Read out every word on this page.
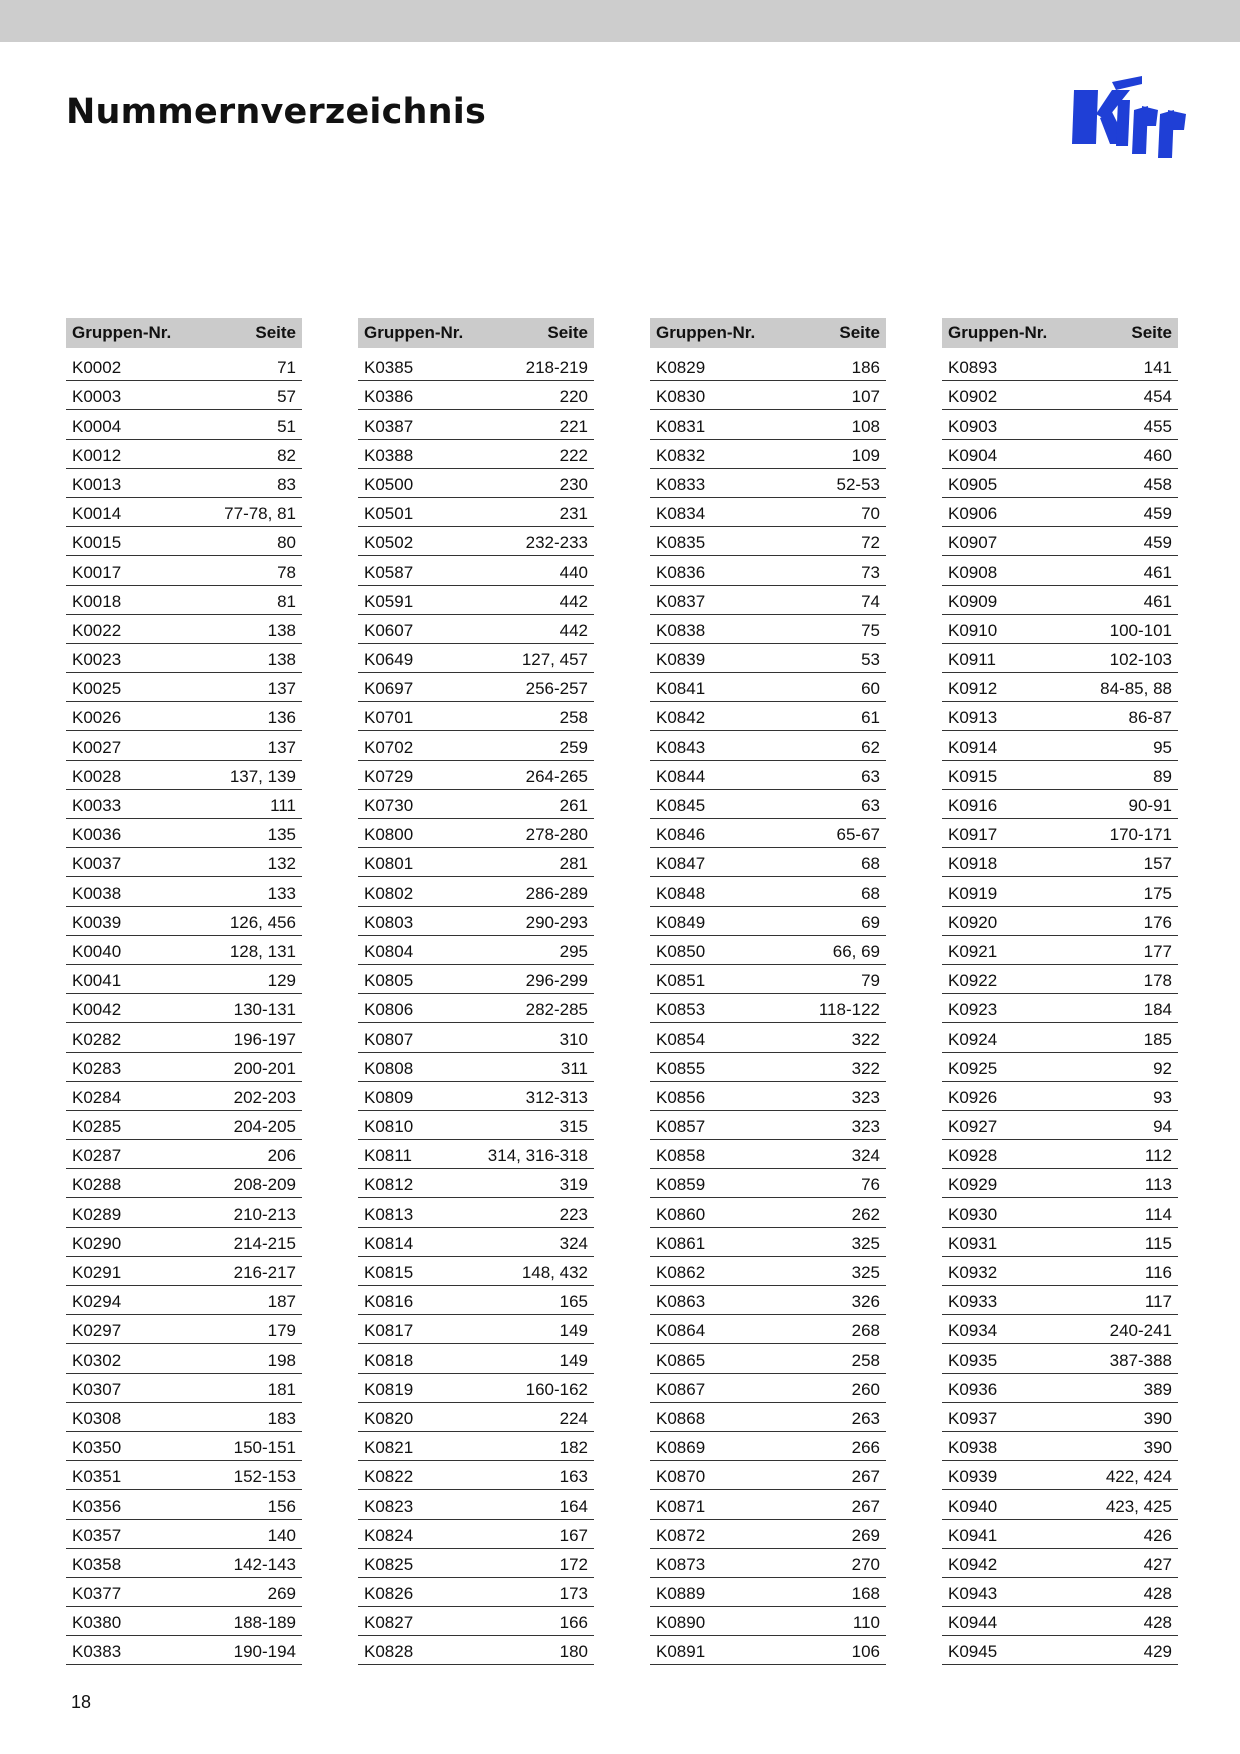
Nummernverzeichnis
Gruppen-Nr.	Seite
K0002	71
K0003	57
K0004	51
K0012	82
K0013	83
K0014	77-78, 81
K0015	80
K0017	78
K0018	81
K0022	138
K0023	138
K0025	137
K0026	136
K0027	137
K0028	137, 139
K0033	111
K0036	135
K0037	132
K0038	133
K0039	126, 456
K0040	128, 131
K0041	129
K0042	130-131
K0282	196-197
K0283	200-201
K0284	202-203
K0285	204-205
K0287	206
K0288	208-209
K0289	210-213
K0290	214-215
K0291	216-217
K0294	187
K0297	179
K0302	198
K0307	181
K0308	183
K0350	150-151
K0351	152-153
K0356	156
K0357	140
K0358	142-143
K0377	269
K0380	188-189
K0383	190-194
Gruppen-Nr.	Seite
K0385	218-219
K0386	220
K0387	221
K0388	222
K0500	230
K0501	231
K0502	232-233
K0587	440
K0591	442
K0607	442
K0649	127, 457
K0697	256-257
K0701	258
K0702	259
K0729	264-265
K0730	261
K0800	278-280
K0801	281
K0802	286-289
K0803	290-293
K0804	295
K0805	296-299
K0806	282-285
K0807	310
K0808	311
K0809	312-313
K0810	315
K0811	314, 316-318
K0812	319
K0813	223
K0814	324
K0815	148, 432
K0816	165
K0817	149
K0818	149
K0819	160-162
K0820	224
K0821	182
K0822	163
K0823	164
K0824	167
K0825	172
K0826	173
K0827	166
K0828	180
Gruppen-Nr.	Seite
K0829	186
K0830	107
K0831	108
K0832	109
K0833	52-53
K0834	70
K0835	72
K0836	73
K0837	74
K0838	75
K0839	53
K0841	60
K0842	61
K0843	62
K0844	63
K0845	63
K0846	65-67
K0847	68
K0848	68
K0849	69
K0850	66, 69
K0851	79
K0853	118-122
K0854	322
K0855	322
K0856	323
K0857	323
K0858	324
K0859	76
K0860	262
K0861	325
K0862	325
K0863	326
K0864	268
K0865	258
K0867	260
K0868	263
K0869	266
K0870	267
K0871	267
K0872	269
K0873	270
K0889	168
K0890	110
K0891	106
Gruppen-Nr.	Seite
K0893	141
K0902	454
K0903	455
K0904	460
K0905	458
K0906	459
K0907	459
K0908	461
K0909	461
K0910	100-101
K0911	102-103
K0912	84-85, 88
K0913	86-87
K0914	95
K0915	89
K0916	90-91
K0917	170-171
K0918	157
K0919	175
K0920	176
K0921	177
K0922	178
K0923	184
K0924	185
K0925	92
K0926	93
K0927	94
K0928	112
K0929	113
K0930	114
K0931	115
K0932	116
K0933	117
K0934	240-241
K0935	387-388
K0936	389
K0937	390
K0938	390
K0939	422, 424
K0940	423, 425
K0941	426
K0942	427
K0943	428
K0944	428
K0945	429
18
